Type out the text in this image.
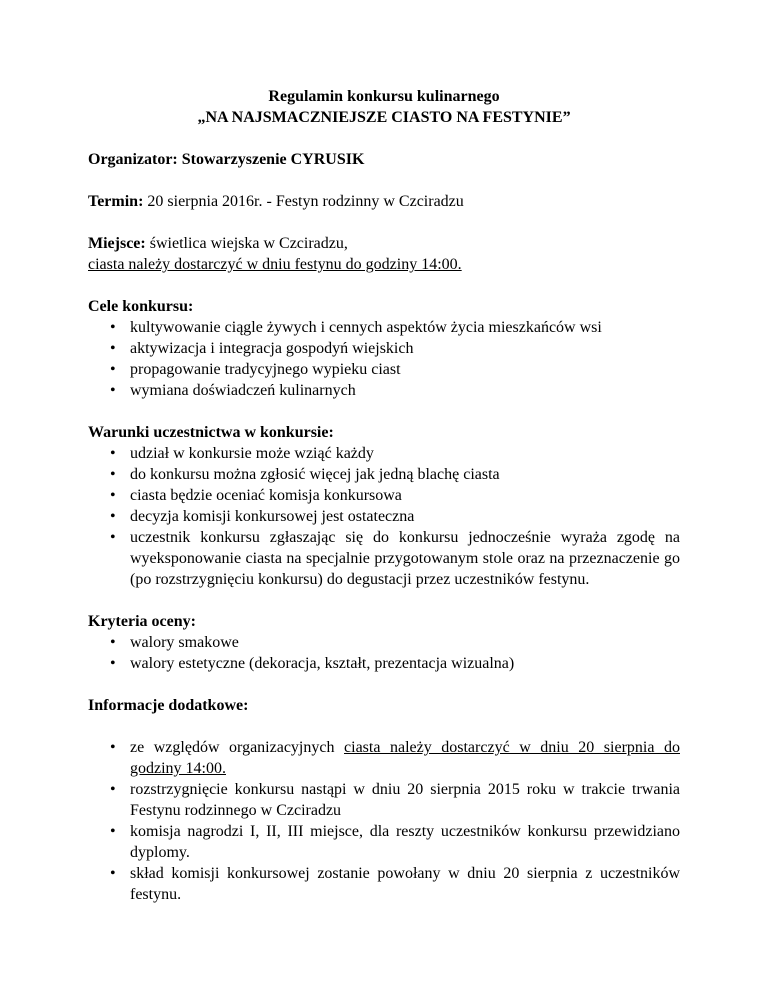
Regulamin konkursu kulinarnego

„NA NAJSMACZNIEJSZE CIASTO NA FESTYNIE”

Organizator: Stowarzyszenie CYRUSIK

Termin: 20 sierpnia 2016r. - Festyn rodzinny w Czciradzu

Miejsce: świetlica wiejska w Czciradzu,

ciasta należy dostarczyć w dniu festynu do godziny 14:00.

Cele konkursu:

• kultywowanie ciągle żywych i cennych aspektów życia mieszkańców wsi
• aktywizacja i integracja gospodyń wiejskich
• propagowanie tradycyjnego wypieku ciast
• wymiana doświadczeń kulinarnych

Warunki uczestnictwa w konkursie:

• udział w konkursie może wziąć każdy
• do konkursu można zgłosić więcej jak jedną blachę ciasta
• ciasta będzie oceniać komisja konkursowa
• decyzja komisji konkursowej jest ostateczna
• uczestnik konkursu zgłaszając się do konkursu jednocześnie wyraża zgodę na wyeksponowanie ciasta na specjalnie przygotowanym stole oraz na przeznaczenie go (po rozstrzygnięciu konkursu) do degustacji przez uczestników festynu.

Kryteria oceny:

• walory smakowe
• walory estetyczne (dekoracja, kształt, prezentacja wizualna)

Informacje dodatkowe:

• ze względów organizacyjnych ciasta należy dostarczyć w dniu 20 sierpnia do godziny 14:00.
• rozstrzygnięcie konkursu nastąpi w dniu 20 sierpnia 2015 roku w trakcie trwania Festynu rodzinnego w Czciradzu
• komisja nagrodzi I, II, III miejsce, dla reszty uczestników konkursu przewidziano dyplomy.
• skład komisji konkursowej zostanie powołany w dniu 20 sierpnia z uczestników festynu.
